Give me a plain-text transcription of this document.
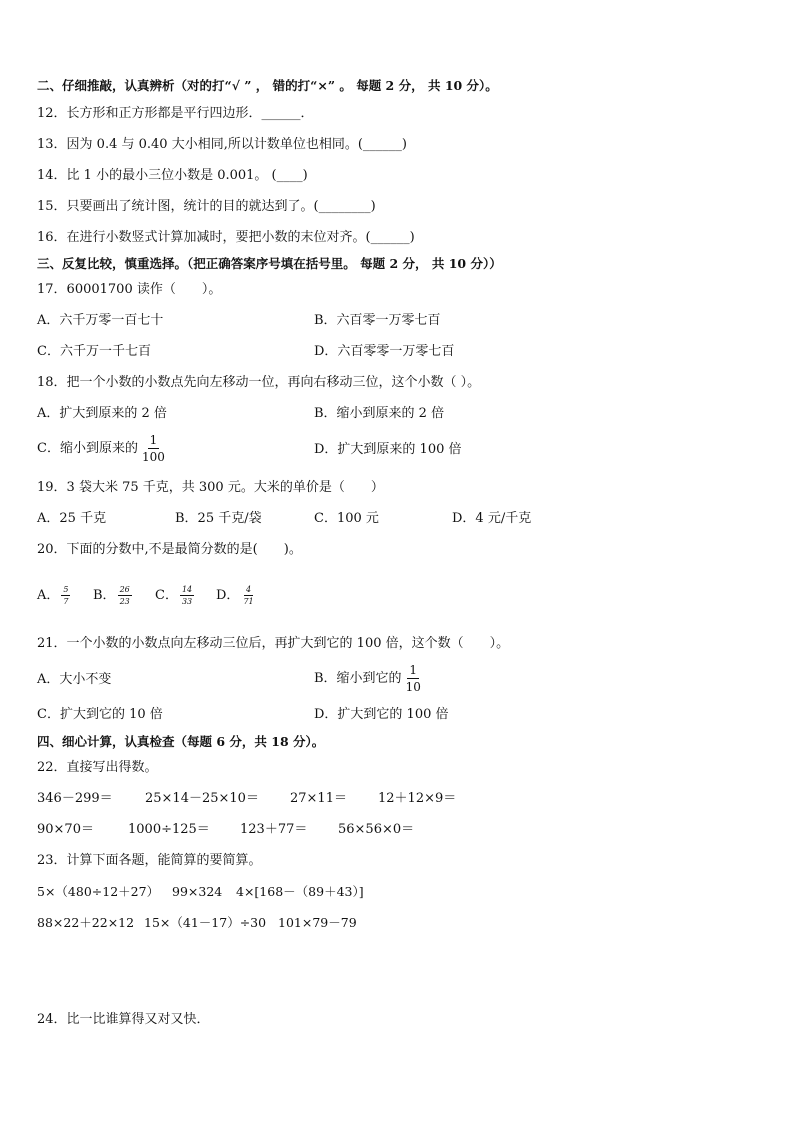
二、仔细推敲，认真辨析（对的打“√ ” ， 错的打“×” 。 每题 2 分， 共 10 分）。
12．长方形和正方形都是平行四边形．______．
13．因为 0.4 与 0.40 大小相同,所以计数单位也相同。(______)
14．比 1 小的最小三位小数是 0.001。 (____)
15．只要画出了统计图，统计的目的就达到了。(________)
16．在进行小数竖式计算加减时，要把小数的末位对齐。(______)
三、反复比较，慎重选择。（把正确答案序号填在括号里。 每题 2 分， 共 10 分））
17．60001700 读作（　　）。
A．六千万零一百七十	B．六百零一万零七百
C．六千万一千七百	D．六百零零一万零七百
18．把一个小数的小数点先向左移动一位，再向右移动三位，这个小数（ ）。
A．扩大到原来的 2 倍	B．缩小到原来的 2 倍
C．缩小到原来的 $\frac{1}{100}$	D．扩大到原来的 100 倍
19．3 袋大米 75 千克，共 300 元。大米的单价是（　　）
A．25 千克	B．25 千克/袋	C．100 元	D．4 元/千克
20．下面的分数中,不是最简分数的是(　　)。
A． $\frac{5}{7}$ B． $\frac{26}{23}$ C． $\frac{14}{33}$ D． $\frac{4}{71}$
21．一个小数的小数点向左移动三位后，再扩大到它的 100 倍，这个数（　　）。
A．大小不变	B．缩小到它的 $\frac{1}{10}$
C．扩大到它的 10 倍	D．扩大到它的 100 倍
四、细心计算，认真检查（每题 6 分，共 18 分）。
22．直接写出得数。
346－299＝ 25×14－25×10＝ 27×11＝ 12＋12×9＝
90×70＝	1000÷125＝ 123＋77＝ 56×56×0＝
23．计算下面各题，能简算的要简算。
5×（480÷12＋27） 99×324 4×[168－（89＋43）]
88×22＋22×12 15×（41－17）÷30 101×79－79
24．比一比谁算得又对又快．
